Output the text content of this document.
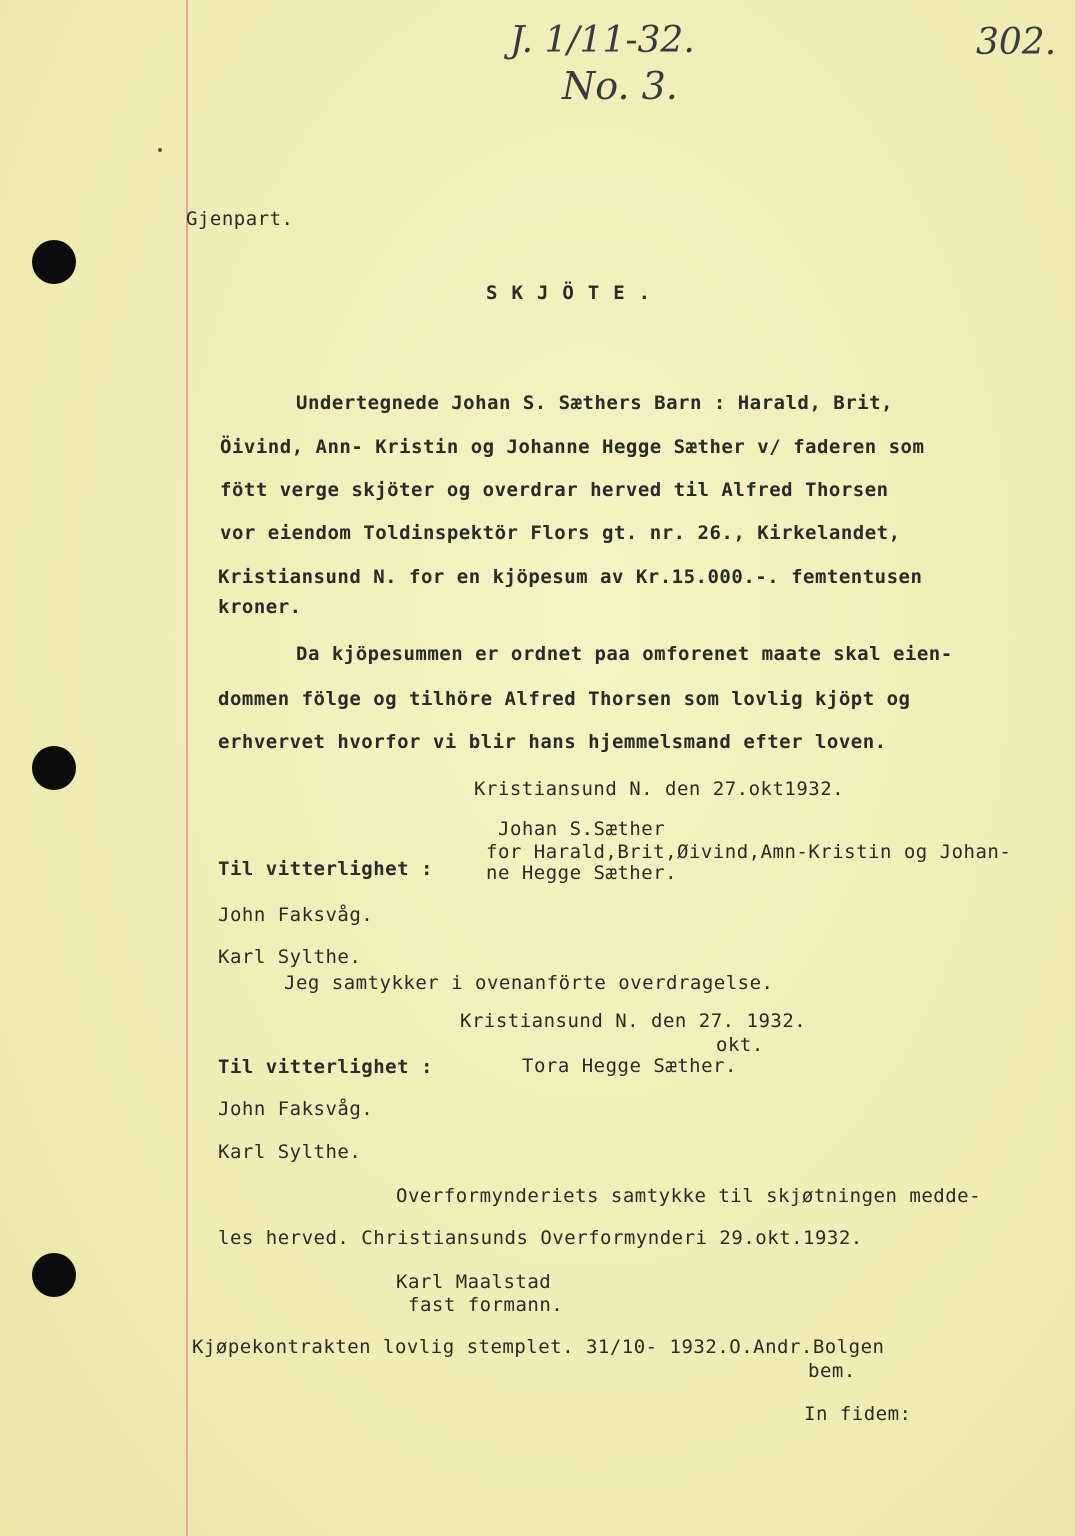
J. 1/11-32.
No. 3.
302.
Gjenpart.
SKJÖTE.
Undertegnede Johan S. Sæthers Barn : Harald, Brit,
Öivind, Ann- Kristin og Johanne Hegge Sæther v/ faderen som
fött verge skjöter og overdrar herved til Alfred Thorsen
vor eiendom Toldinspektör Flors gt. nr. 26., Kirkelandet,
Kristiansund N. for en kjöpesum av Kr.15.000.-. femtentusen
kroner.
Da kjöpesummen er ordnet paa omforenet maate skal eien-
dommen fölge og tilhöre Alfred Thorsen som lovlig kjöpt og
erhvervet hvorfor vi blir hans hjemmelsmand efter loven.
Kristiansund N. den 27.okt1932.
Johan S.Sæther
for Harald,Brit,Øivind,Amn-Kristin og Johan-
ne Hegge Sæther.
Til vitterlighet :
John Faksvåg.
Karl Sylthe.
Jeg samtykker i ovenanförte overdragelse.
Kristiansund N. den 27. 1932.
okt.
Til vitterlighet :	Tora Hegge Sæther.
John Faksvåg.
Karl Sylthe.
Overformynderiets samtykke til skjøtningen medde-
les herved. Christiansunds Overformynderi 29.okt.1932.
Karl Maalstad
fast formann.
Kjøpekontrakten lovlig stemplet. 31/10- 1932.O.Andr.Bolgen
bem.
In fidem:
